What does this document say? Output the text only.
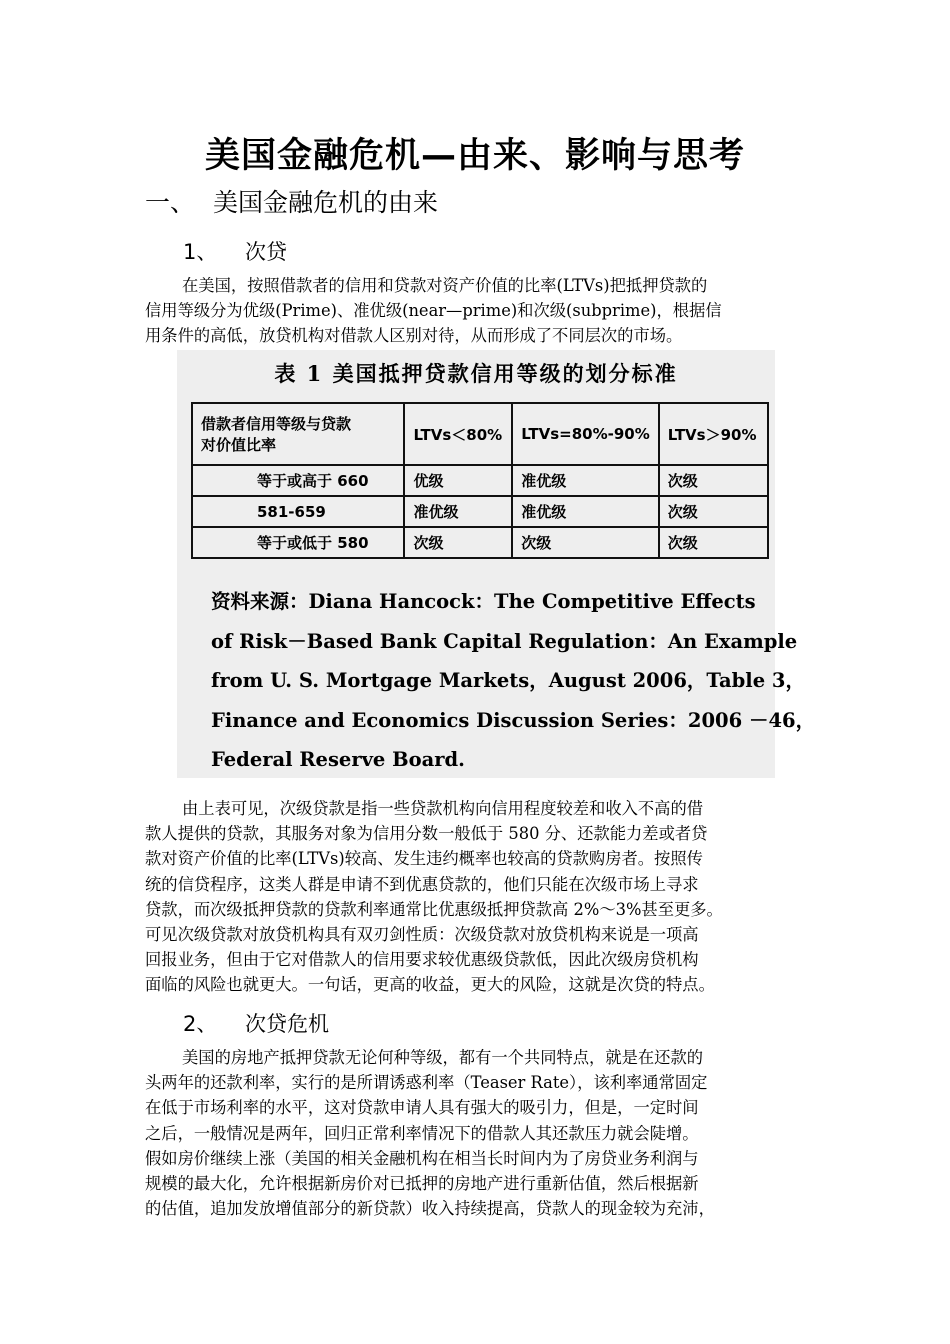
美国金融危机—由来、影响与思考
一、 美国金融危机的由来
1、 次贷
在美国，按照借款者的信用和贷款对资产价值的比率(LTVs)把抵押贷款的
信用等级分为优级(Prime)、准优级(near—prime)和次级(subprime)，根据信
用条件的高低，放贷机构对借款人区别对待，从而形成了不同层次的市场。
表 1 美国抵押贷款信用等级的划分标准
借款者信用等级与贷款
对价值比率	LTVs＜80%	LTVs=80%-90%	LTVs＞90%
等于或高于 660	优级	准优级	次级
581-659	准优级	准优级	次级
等于或低于 580	次级	次级	次级
资料来源：Diana Hancock：The Competitive Effects
of Risk－Based Bank Capital Regulation：An Example
from U. S. Mortgage Markets，August 2006，Table 3，
Finance and Economics Discussion Series：2006 －46，
Federal Reserve Board.
由上表可见，次级贷款是指一些贷款机构向信用程度较差和收入不高的借
款人提供的贷款，其服务对象为信用分数一般低于 580 分、还款能力差或者贷
款对资产价值的比率(LTVs)较高、发生违约概率也较高的贷款购房者。按照传
统的信贷程序，这类人群是申请不到优惠贷款的，他们只能在次级市场上寻求
贷款，而次级抵押贷款的贷款利率通常比优惠级抵押贷款高 2%～3%甚至更多。
可见次级贷款对放贷机构具有双刃剑性质：次级贷款对放贷机构来说是一项高
回报业务，但由于它对借款人的信用要求较优惠级贷款低，因此次级房贷机构
面临的风险也就更大。一句话，更高的收益，更大的风险，这就是次贷的特点。
2、 次贷危机
美国的房地产抵押贷款无论何种等级，都有一个共同特点，就是在还款的
头两年的还款利率，实行的是所谓诱惑利率（Teaser Rate），该利率通常固定
在低于市场利率的水平，这对贷款申请人具有强大的吸引力，但是，一定时间
之后，一般情况是两年，回归正常利率情况下的借款人其还款压力就会陡增。
假如房价继续上涨（美国的相关金融机构在相当长时间内为了房贷业务利润与
规模的最大化，允许根据新房价对已抵押的房地产进行重新估值，然后根据新
的估值，追加发放增值部分的新贷款）收入持续提高，贷款人的现金较为充沛，
